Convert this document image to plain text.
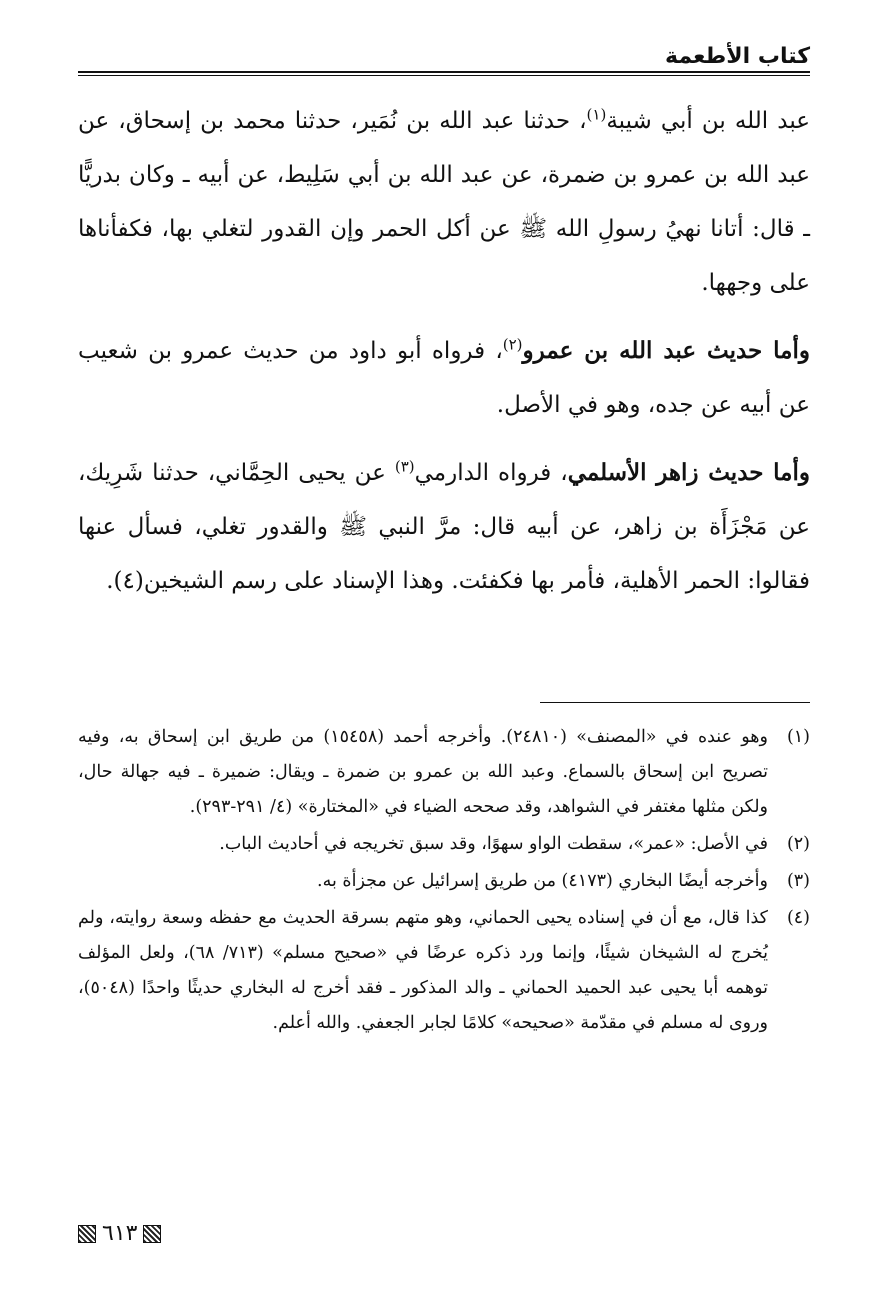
كتاب الأطعمة

عبد الله بن أبي شيبة$^{(١)}$، حدثنا عبد الله بن نُمَير، حدثنا محمد بن إسحاق، عن عبد الله بن عمرو بن ضمرة، عن عبد الله بن أبي سَلِيط، عن أبيه ـ وكان بدريًّا ـ قال: أتانا نهيُ رسولِ الله ﷺ عن أكل الحمر وإن القدور لتغلي بها، فكفأناها على وجهها.

وأما حديث عبد الله بن عمرو$^{(٢)}$، فرواه أبو داود من حديث عمرو بن شعيب عن أبيه عن جده، وهو في الأصل.

وأما حديث زاهر الأسلمي، فرواه الدارمي$^{(٣)}$ عن يحيى الحِمَّاني، حدثنا شَرِيك، عن مَجْزَأَة بن زاهر، عن أبيه قال: مرَّ النبي ﷺ والقدور تغلي، فسأل عنها فقالوا: الحمر الأهلية، فأمر بها فكفئت. وهذا الإسناد على رسم الشيخين(٤).

(١)
وهو عنده في «المصنف» (٢٤٨١٠). وأخرجه أحمد (١٥٤٥٨) من طريق ابن إسحاق به، وفيه تصريح ابن إسحاق بالسماع. وعبد الله بن عمرو بن ضمرة ـ ويقال: ضميرة ـ فيه جهالة حال، ولكن مثلها مغتفر في الشواهد، وقد صححه الضياء في «المختارة» (٤/ ٢٩١-٢٩٣).
(٢)
في الأصل: «عمر»، سقطت الواو سهوًا، وقد سبق تخريجه في أحاديث الباب.
(٣)
وأخرجه أيضًا البخاري (٤١٧٣) من طريق إسرائيل عن مجزأة به.
(٤)
كذا قال، مع أن في إسناده يحيى الحماني، وهو متهم بسرقة الحديث مع حفظه وسعة روايته، ولم يُخرج له الشيخان شيئًا، وإنما ورد ذكره عرضًا في «صحيح مسلم» (٧١٣/ ٦٨)، ولعل المؤلف توهمه أبا يحيى عبد الحميد الحماني ـ والد المذكور ـ فقد أخرج له البخاري حديثًا واحدًا (٥٠٤٨)، وروى له مسلم في مقدّمة «صحيحه» كلامًا لجابر الجعفي. والله أعلم.
٦١٣
